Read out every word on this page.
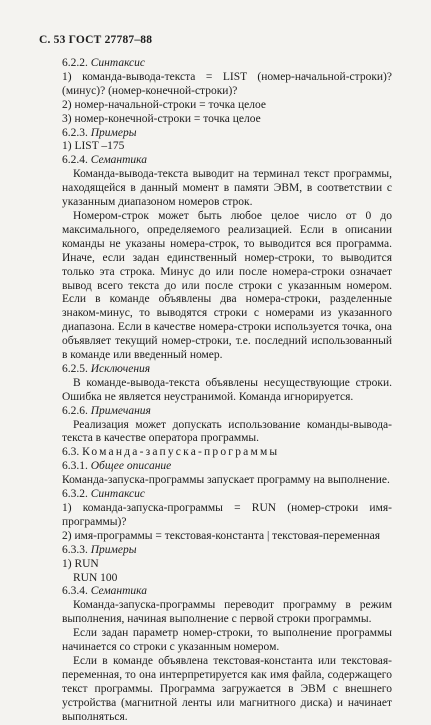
С. 53 ГОСТ 27787–88

6.2.2. Синтаксис

1) команда-вывода-текста = LIST (номер-начальной-строки)? (минус)? (номер-конечной-строки)?

2) номер-начальной-строки = точка целое

3) номер-конечной-строки = точка целое

6.2.3. Примеры

1) LIST –175

6.2.4. Семантика

Команда-вывода-текста выводит на терминал текст программы, находящейся в данный момент в памяти ЭВМ, в соответствии с указанным диапазоном номеров строк.

Номером-строк может быть любое целое число от 0 до максимального, определяемого реализацией. Если в описании команды не указаны номера-строк, то выводится вся программа. Иначе, если задан единственный номер-строки, то выводится только эта строка. Минус до или после номера-строки означает вывод всего текста до или после строки с указанным номером. Если в команде объявлены два номера-строки, разделенные знаком-минус, то выводятся строки с номерами из указанного диапазона. Если в качестве номера-строки используется точка, она объявляет текущий номер-строки, т.е. последний использованный в команде или введенный номер.

6.2.5. Исключения

В команде-вывода-текста объявлены несуществующие строки. Ошибка не является неустранимой. Команда игнорируется.

6.2.6. Примечания

Реализация может допускать использование команды-вывода-текста в качестве оператора программы.

6.3. Команда-запуска-программы

6.3.1. Общее описание

Команда-запуска-программы запускает программу на выполнение.

6.3.2. Синтаксис

1) команда-запуска-программы = RUN (номер-строки имя-программы)?

2) имя-программы = текстовая-константа | текстовая-переменная

6.3.3. Примеры

1) RUN

RUN 100

6.3.4. Семантика

Команда-запуска-программы переводит программу в режим выполнения, начиная выполнение с первой строки программы.

Если задан параметр номер-строки, то выполнение программы начинается со строки с указанным номером.

Если в команде объявлена текстовая-константа или текстовая-переменная, то она интерпретируется как имя файла, содержащего текст программы. Программа загружается в ЭВМ с внешнего устройства (магнитной ленты или магнитного диска) и начинает выполняться.
